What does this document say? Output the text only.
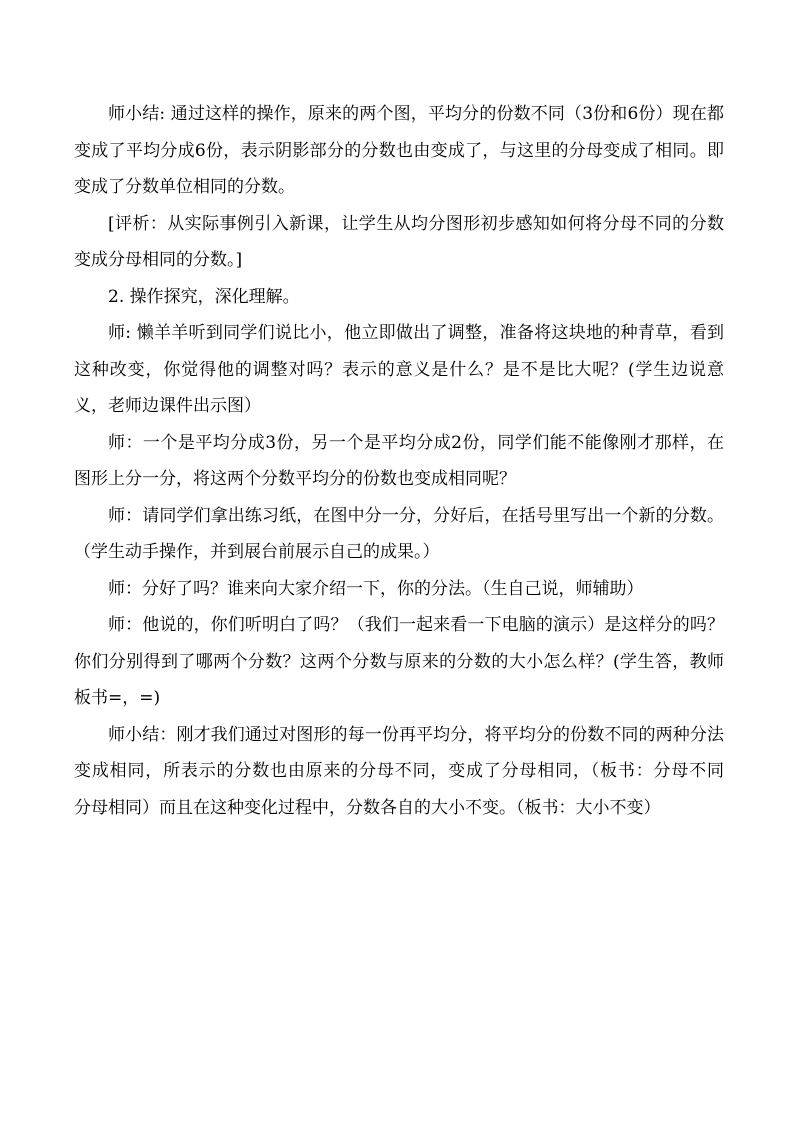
师小结: 通过这样的操作，原来的两个图，平均分的份数不同（3份和6份）现在都变成了平均分成6份，表示阴影部分的分数也由变成了，与这里的分母变成了相同。即变成了分数单位相同的分数。

[评析：从实际事例引入新课，让学生从均分图形初步感知如何将分母不同的分数变成分母相同的分数。]

2. 操作探究，深化理解。

师: 懒羊羊听到同学们说比小，他立即做出了调整，准备将这块地的种青草，看到这种改变，你觉得他的调整对吗？表示的意义是什么？是不是比大呢？(学生边说意义，老师边课件出示图）

师：一个是平均分成3份，另一个是平均分成2份，同学们能不能像刚才那样，在图形上分一分，将这两个分数平均分的份数也变成相同呢？

师：请同学们拿出练习纸，在图中分一分，分好后，在括号里写出一个新的分数。（学生动手操作，并到展台前展示自己的成果。）

师：分好了吗？谁来向大家介绍一下，你的分法。（生自己说，师辅助）

师：他说的，你们听明白了吗？（我们一起来看一下电脑的演示）是这样分的吗？你们分别得到了哪两个分数？这两个分数与原来的分数的大小怎么样？(学生答，教师板书=，=)

师小结：刚才我们通过对图形的每一份再平均分，将平均分的份数不同的两种分法变成相同，所表示的分数也由原来的分母不同，变成了分母相同，（板书：分母不同　分母相同）而且在这种变化过程中，分数各自的大小不变。（板书：大小不变）
